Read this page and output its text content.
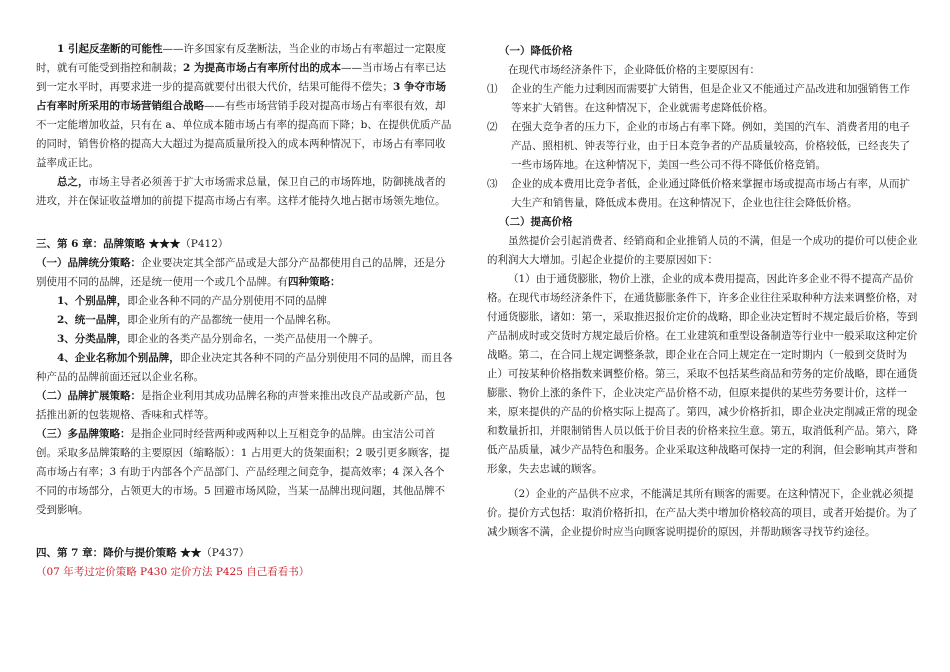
1 引起反垄断的可能性——许多国家有反垄断法，当企业的市场占有率超过一定限度时，就有可能受到指控和制裁；2 为提高市场占有率所付出的成本——当市场占有率已达到一定水平时，再要求进一步的提高就要付出很大代价，结果可能得不偿失；3 争夺市场占有率时所采用的市场营销组合战略——有些市场营销手段对提高市场占有率很有效，却不一定能增加收益，只有在 a、单位成本随市场占有率的提高而下降；b、在提供优质产品的同时，销售价格的提高大大超过为提高质量所投入的成本两种情况下，市场占有率同收益率成正比。

总之，市场主导者必须善于扩大市场需求总量，保卫自己的市场阵地，防御挑战者的进攻，并在保证收益增加的前提下提高市场占有率。这样才能持久地占据市场领先地位。

三、第 6 章：品牌策略 ★★★（P412）

（一）品牌统分策略：企业要决定其全部产品或是大部分产品都使用自己的品牌，还是分别使用不同的品牌，还是统一使用一个或几个品牌。有四种策略：

1、个别品牌，即企业各种不同的产品分别使用不同的品牌

2、统一品牌，即企业所有的产品都统一使用一个品牌名称。

3、分类品牌，即企业的各类产品分别命名，一类产品使用一个牌子。

4、企业名称加个别品牌，即企业决定其各种不同的产品分别使用不同的品牌，而且各种产品的品牌前面还冠以企业名称。

（二）品牌扩展策略：是指企业利用其成功品牌名称的声誉来推出改良产品或新产品，包括推出新的包装规格、香味和式样等。

（三）多品牌策略：是指企业同时经营两种或两种以上互相竞争的品牌。由宝洁公司首创。采取多品牌策略的主要原因（缩略版）：1 占用更大的货架面积；2 吸引更多顾客，提高市场占有率；3 有助于内部各个产品部门、产品经理之间竞争，提高效率；4 深入各个不同的市场部分，占领更大的市场。5 回避市场风险，当某一品牌出现问题，其他品牌不受到影响。

四、第 7 章：降价与提价策略 ★★（P437）

（07 年考过定价策略 P430 定价方法 P425 自己看看书）

（一）降低价格

在现代市场经济条件下，企业降低价格的主要原因有：

⑴ 企业的生产能力过剩因而需要扩大销售，但是企业又不能通过产品改进和加强销售工作等来扩大销售。在这种情况下，企业就需考虑降低价格。

⑵ 在强大竞争者的压力下，企业的市场占有率下降。例如，美国的汽车、消费者用的电子产品、照相机、钟表等行业，由于日本竞争者的产品质量较高，价格较低，已经丧失了一些市场阵地。在这种情况下，美国一些公司不得不降低价格竞销。

⑶ 企业的成本费用比竞争者低，企业通过降低价格来掌握市场或提高市场占有率，从而扩大生产和销售量，降低成本费用。在这种情况下，企业也往往会降低价格。

（二）提高价格

虽然提价会引起消费者、经销商和企业推销人员的不满，但是一个成功的提价可以使企业的利润大大增加。引起企业提价的主要原因如下：

（1）由于通货膨胀，物价上涨，企业的成本费用提高，因此许多企业不得不提高产品价格。在现代市场经济条件下，在通货膨胀条件下，许多企业往往采取种种方法来调整价格，对付通货膨胀，诸如：第一，采取推迟报价定价的战略，即企业决定暂时不规定最后价格，等到产品制成时或交货时方规定最后价格。在工业建筑和重型设备制造等行业中一般采取这种定价战略。第二，在合同上规定调整条款，即企业在合同上规定在一定时期内（一般到交货时为止）可按某种价格指数来调整价格。第三，采取不包括某些商品和劳务的定价战略，即在通货膨胀、物价上涨的条件下，企业决定产品价格不动，但原来提供的某些劳务要计价，这样一来，原来提供的产品的价格实际上提高了。第四，减少价格折扣，即企业决定削减正常的现金和数量折扣，并限制销售人员以低于价目表的价格来拉生意。第五，取消低利产品。第六，降低产品质量，减少产品特色和服务。企业采取这种战略可保持一定的利润，但会影响其声誉和形象，失去忠诚的顾客。

（2）企业的产品供不应求，不能满足其所有顾客的需要。在这种情况下，企业就必须提价。提价方式包括：取消价格折扣，在产品大类中增加价格较高的项目，或者开始提价。为了减少顾客不满，企业提价时应当向顾客说明提价的原因，并帮助顾客寻找节约途径。
